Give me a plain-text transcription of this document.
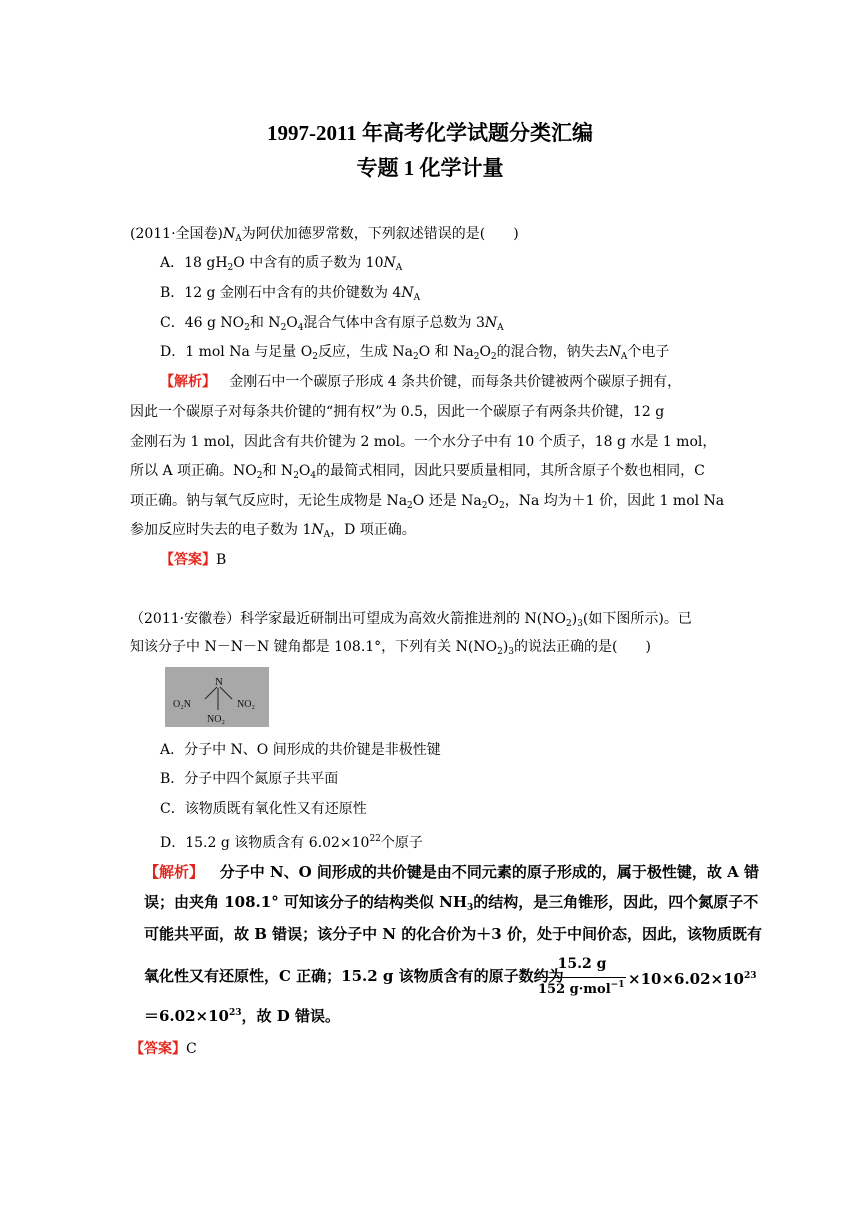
1997-2011 年高考化学试题分类汇编
专题 1 化学计量
(2011·全国卷)$N_A$为阿伏加德罗常数，下列叙述错误的是(　　)
A．18 $gH_2O$ 中含有的质子数为 $10N_A$
B．12 g 金刚石中含有的共价键数为 $4N_A$
C．46 g $NO_2$和 $N_2O_4$混合气体中含有原子总数为 $3N_A$
D．1 mol Na 与足量 $O_2$反应，生成 $Na_2O$ 和 $Na_2O_2$的混合物，钠失去$N_A$个电子
【解析】 金刚石中一个碳原子形成 4 条共价键，而每条共价键被两个碳原子拥有，
因此一个碳原子对每条共价键的“拥有权”为 0.5，因此一个碳原子有两条共价键，12 g
金刚石为 1 mol，因此含有共价键为 2 mol。一个水分子中有 10 个质子，18 g 水是 1 mol，
所以 A 项正确。$NO_2$和 $N_2O_4$的最简式相同，因此只要质量相同，其所含原子个数也相同，C
项正确。钠与氧气反应时，无论生成物是 $Na_2O$ 还是 $Na_2O_2$，Na 均为＋1 价，因此 1 mol Na
参加反应时失去的电子数为 $1N_A$，D 项正确。
【答案】B
（2011·安徽卷）科学家最近研制出可望成为高效火箭推进剂的 $N(NO_2)_3$(如下图所示)。已
知该分子中 N－N－N 键角都是 108.1°，下列有关 $N(NO_2)_3$的说法正确的是(　　)
N
O₂N	NO₂
NO₂
A．分子中 N、O 间形成的共价键是非极性键
B．分子中四个氮原子共平面
C．该物质既有氧化性又有还原性
D．15.2 g 该物质含有 $6.02\times 10^{22}$个原子
【解析】 分子中 N、O 间形成的共价键是由不同元素的原子形成的，属于极性键，故 A 错
误；由夹角 108.1° 可知该分子的结构类似 $NH_3$的结构，是三角锥形，因此，四个氮原子不
可能共平面，故 B 错误；该分子中 N 的化合价为＋3 价，处于中间价态，因此，该物质既有
氧化性又有还原性，C 正确；15.2 g 该物质含有的原子数约为
15.2 g
152 $g\cdot mol^{-1} \times 10\times 6.02\times 10^{23}$
$=6.02\times 10^{23}$，故 D 错误。
【答案】C
